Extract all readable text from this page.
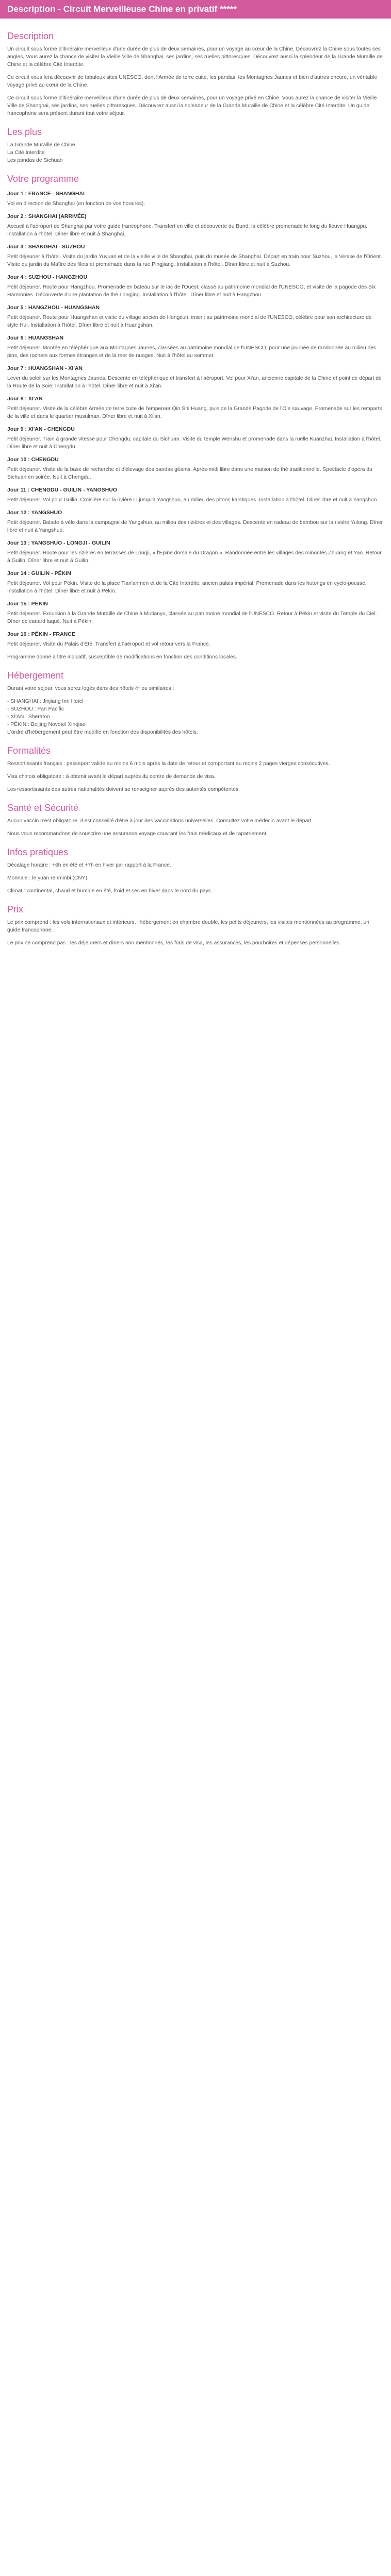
Description - Circuit Merveilleuse Chine en privatif *****
Description
Un circuit sous forme d'itinéraire merveilleux d'une durée de plus de deux semaines, pour un voyage au cœur de la Chine. Découvrez la Chine sous toutes ses angles, Vous aurez la chance de visiter la Vieille Ville de Shanghai, ses jardins, ses ruelles pittoresques. Découvrez aussi la splendeur de la Grande Muraille de Chine et la célèbre Cité Interdite.
Ce circuit vous fera découvrir de fabuleux sites UNESCO, dont l'Armée de terre cuite, les pandas, les Montagnes Jaunes et bien d'autres encore, un véritable voyage privé au cœur de la Chine.
Ce circuit sous forme d'itinéraire merveilleux d'une durée de plus de deux semaines, pour un voyage privé en Chine. Vous aurez la chance de visiter la Vieille Ville de Shanghai, ses jardins, ses ruelles pittoresques. Découvrez aussi la splendeur de la Grande Muraille de Chine et la célèbre Cité Interdite. Un guide francophone sera présent durant tout votre séjour.
Les plus
La Grande Muraille de Chine
La Cité Interdite
Les pandas de Sichuan
Votre programme
Jour 1 : FRANCE - SHANGHAI
Vol en direction de Shanghai (en fonction de vos horaires).
Jour 2 : SHANGHAI (ARRIVÉE)
Accueil à l'aéroport de Shanghai par votre guide francophone. Transfert en ville et découverte du Bund, la célèbre promenade le long du fleuve Huangpu. Installation à l'hôtel. Dîner libre et nuit à Shanghai.
Jour 3 : SHANGHAI - SUZHOU
Petit déjeuner à l'hôtel. Visite du jardin Yuyuan et de la vieille ville de Shanghai, puis du musée de Shanghai. Départ en train pour Suzhou, la Venise de l'Orient. Visite du jardin du Maître des filets et promenade dans la rue Pingjiang. Installation à l'hôtel. Dîner libre et nuit à Suzhou.
Jour 4 : SUZHOU - HANGZHOU
Petit déjeuner. Route pour Hangzhou. Promenade en bateau sur le lac de l'Ouest, classé au patrimoine mondial de l'UNESCO, et visite de la pagode des Six Harmonies. Découverte d'une plantation de thé Longjing. Installation à l'hôtel. Dîner libre et nuit à Hangzhou.
Jour 5 : HANGZHOU - HUANGSHAN
Petit déjeuner. Route pour Huangshan et visite du village ancien de Hongcun, inscrit au patrimoine mondial de l'UNESCO, célèbre pour son architecture de style Hui. Installation à l'hôtel. Dîner libre et nuit à Huangshan.
Jour 6 : HUANGSHAN
Petit déjeuner. Montée en téléphérique aux Montagnes Jaunes, classées au patrimoine mondial de l'UNESCO, pour une journée de randonnée au milieu des pins, des rochers aux formes étranges et de la mer de nuages. Nuit à l'hôtel au sommet.
Jour 7 : HUANGSHAN - XI'AN
Lever du soleil sur les Montagnes Jaunes. Descente en téléphérique et transfert à l'aéroport. Vol pour Xi'an, ancienne capitale de la Chine et point de départ de la Route de la Soie. Installation à l'hôtel. Dîner libre et nuit à Xi'an.
Jour 8 : XI'AN
Petit déjeuner. Visite de la célèbre Armée de terre cuite de l'empereur Qin Shi Huang, puis de la Grande Pagode de l'Oie sauvage. Promenade sur les remparts de la ville et dans le quartier musulman. Dîner libre et nuit à Xi'an.
Jour 9 : XI'AN - CHENGDU
Petit déjeuner. Train à grande vitesse pour Chengdu, capitale du Sichuan. Visite du temple Wenshu et promenade dans la ruelle Kuanzhai. Installation à l'hôtel. Dîner libre et nuit à Chengdu.
Jour 10 : CHENGDU
Petit déjeuner. Visite de la base de recherche et d'élevage des pandas géants. Après-midi libre dans une maison de thé traditionnelle. Spectacle d'opéra du Sichuan en soirée. Nuit à Chengdu.
Jour 11 : CHENGDU - GUILIN - YANGSHUO
Petit déjeuner. Vol pour Guilin. Croisière sur la rivière Li jusqu'à Yangshuo, au milieu des pitons karstiques. Installation à l'hôtel. Dîner libre et nuit à Yangshuo.
Jour 12 : YANGSHUO
Petit déjeuner. Balade à vélo dans la campagne de Yangshuo, au milieu des rizières et des villages. Descente en radeau de bambou sur la rivière Yulong. Dîner libre et nuit à Yangshuo.
Jour 13 : YANGSHUO - LONGJI - GUILIN
Petit déjeuner. Route pour les rizières en terrasses de Longji, « l'Épine dorsale du Dragon ». Randonnée entre les villages des minorités Zhuang et Yao. Retour à Guilin. Dîner libre et nuit à Guilin.
Jour 14 : GUILIN - PÉKIN
Petit déjeuner. Vol pour Pékin. Visite de la place Tian'anmen et de la Cité Interdite, ancien palais impérial. Promenade dans les hutongs en cyclo-pousse. Installation à l'hôtel. Dîner libre et nuit à Pékin.
Jour 15 : PÉKIN
Petit déjeuner. Excursion à la Grande Muraille de Chine à Mutianyu, classée au patrimoine mondial de l'UNESCO. Retour à Pékin et visite du Temple du Ciel. Dîner de canard laqué. Nuit à Pékin.
Jour 16 : PÉKIN - FRANCE
Petit déjeuner. Visite du Palais d'Été. Transfert à l'aéroport et vol retour vers la France.
Programme donné à titre indicatif, susceptible de modifications en fonction des conditions locales.
Hébergement
Durant votre séjour, vous serez logés dans des hôtels 4* ou similaires :
- SHANGHAI : Jinjiang Inn Hotel
- SUZHOU : Pan Pacific
- XI'AN : Sheraton
- PÉKIN : Beijing Novotel Xinqiao
L'ordre d'hébergement peut être modifié en fonction des disponibilités des hôtels.
Formalités
Ressortissants français : passeport valide au moins 6 mois après la date de retour et comportant au moins 2 pages vierges consécutives.
Visa chinois obligatoire : à obtenir avant le départ auprès du centre de demande de visa.
Les ressortissants des autres nationalités doivent se renseigner auprès des autorités compétentes.
Santé et Sécurité
Aucun vaccin n'est obligatoire. Il est conseillé d'être à jour des vaccinations universelles. Consultez votre médecin avant le départ.
Nous vous recommandons de souscrire une assurance voyage couvrant les frais médicaux et de rapatriement.
Infos pratiques
Décalage horaire : +6h en été et +7h en hiver par rapport à la France.
Monnaie : le yuan renminbi (CNY).
Climat : continental, chaud et humide en été, froid et sec en hiver dans le nord du pays.
Prix
Le prix comprend : les vols internationaux et intérieurs, l'hébergement en chambre double, les petits déjeuners, les visites mentionnées au programme, un guide francophone.
Le prix ne comprend pas : les déjeuners et dîners non mentionnés, les frais de visa, les assurances, les pourboires et dépenses personnelles.
